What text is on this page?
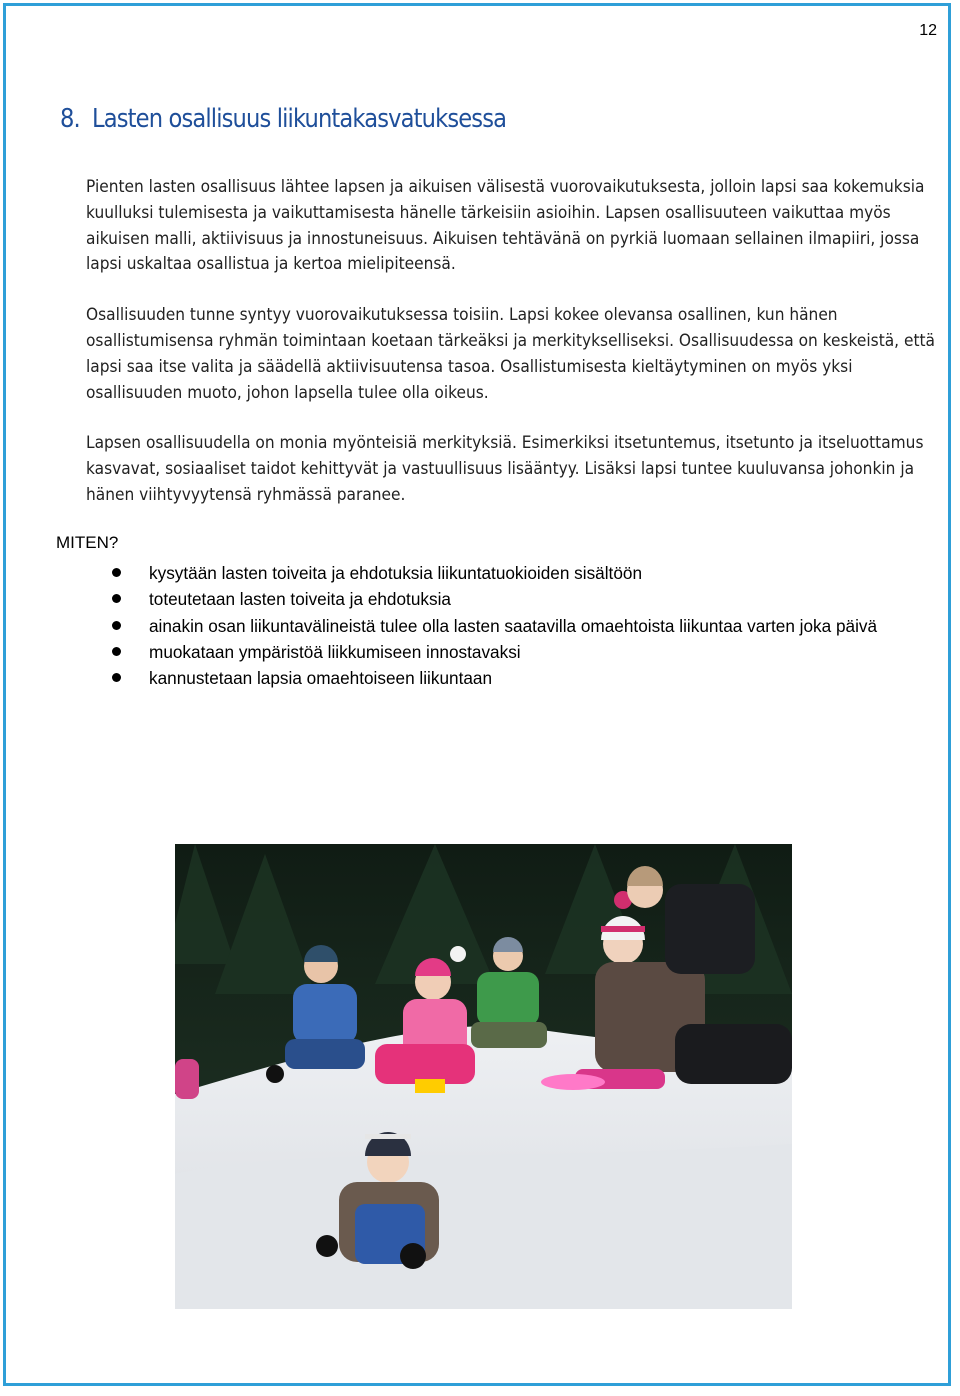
12
8. Lasten osallisuus liikuntakasvatuksessa

Pienten lasten osallisuus lähtee lapsen ja aikuisen välisestä vuorovaikutuksesta, jolloin lapsi saa kokemuksia kuulluksi tulemisesta ja vaikuttamisesta hänelle tärkeisiin asioihin. Lapsen osallisuuteen vaikuttaa myös aikuisen malli, aktiivisuus ja innostuneisuus. Aikuisen tehtävänä on pyrkiä luomaan sellainen ilmapiiri, jossa lapsi uskaltaa osallistua ja kertoa mielipiteensä.

Osallisuuden tunne syntyy vuorovaikutuksessa toisiin. Lapsi kokee olevansa osallinen, kun hänen osallistumisensa ryhmän toimintaan koetaan tärkeäksi ja merkitykselliseksi. Osallisuudessa on keskeistä, että lapsi saa itse valita ja säädellä aktiivisuutensa tasoa. Osallistumisesta kieltäytyminen on myös yksi osallisuuden muoto, johon lapsella tulee olla oikeus.

Lapsen osallisuudella on monia myönteisiä merkityksiä. Esimerkiksi itsetuntemus, itsetunto ja itseluottamus kasvavat, sosiaaliset taidot kehittyvät ja vastuullisuus lisääntyy. Lisäksi lapsi tuntee kuuluvansa johonkin ja hänen viihtyvyytensä ryhmässä paranee.

MITEN?
kysytään lasten toiveita ja ehdotuksia liikuntatuokioiden sisältöön
toteutetaan lasten toiveita ja ehdotuksia
ainakin osan liikuntavälineistä tulee olla lasten saatavilla omaehtoista liikuntaa varten joka päivä
muokataan ympäristöä liikkumiseen innostavaksi
kannustetaan lapsia omaehtoiseen liikuntaan
